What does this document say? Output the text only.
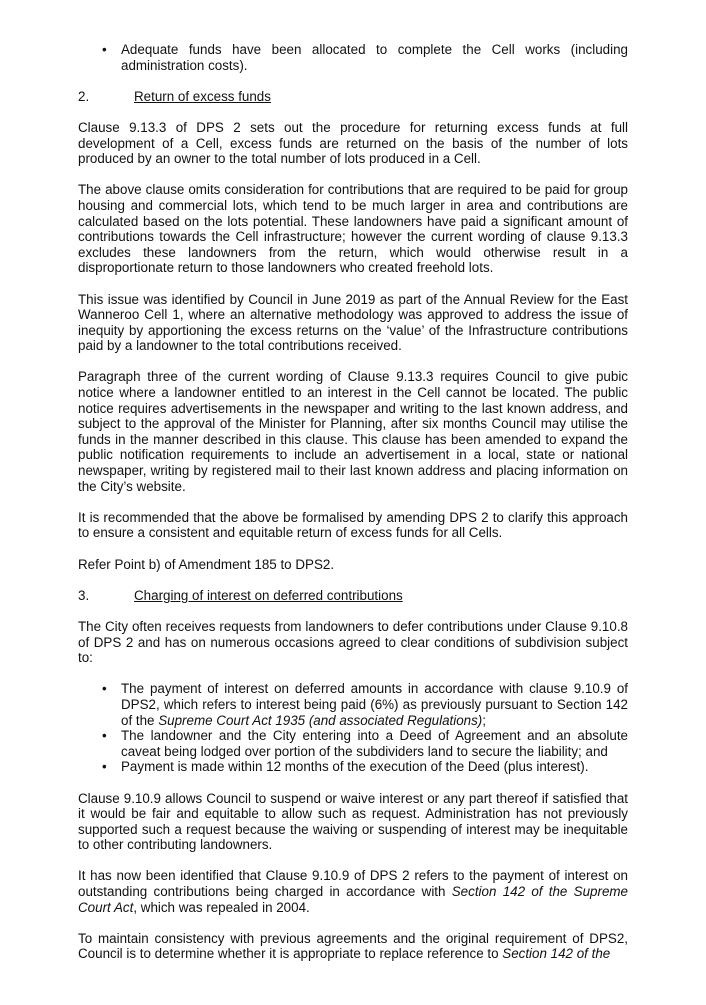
• Adequate funds have been allocated to complete the Cell works (including administration costs).
2.	Return of excess funds

Clause 9.13.3 of DPS 2 sets out the procedure for returning excess funds at full development of a Cell, excess funds are returned on the basis of the number of lots produced by an owner to the total number of lots produced in a Cell.

The above clause omits consideration for contributions that are required to be paid for group housing and commercial lots, which tend to be much larger in area and contributions are calculated based on the lots potential. These landowners have paid a significant amount of contributions towards the Cell infrastructure; however the current wording of clause 9.13.3 excludes these landowners from the return, which would otherwise result in a disproportionate return to those landowners who created freehold lots.

This issue was identified by Council in June 2019 as part of the Annual Review for the East Wanneroo Cell 1, where an alternative methodology was approved to address the issue of inequity by apportioning the excess returns on the ‘value’ of the Infrastructure contributions paid by a landowner to the total contributions received.

Paragraph three of the current wording of Clause 9.13.3 requires Council to give pubic notice where a landowner entitled to an interest in the Cell cannot be located. The public notice requires advertisements in the newspaper and writing to the last known address, and subject to the approval of the Minister for Planning, after six months Council may utilise the funds in the manner described in this clause. This clause has been amended to expand the public notification requirements to include an advertisement in a local, state or national newspaper, writing by registered mail to their last known address and placing information on the City’s website.

It is recommended that the above be formalised by amending DPS 2 to clarify this approach to ensure a consistent and equitable return of excess funds for all Cells.

Refer Point b) of Amendment 185 to DPS2.

3.	Charging of interest on deferred contributions

The City often receives requests from landowners to defer contributions under Clause 9.10.8 of DPS 2 and has on numerous occasions agreed to clear conditions of subdivision subject to:

• The payment of interest on deferred amounts in accordance with clause 9.10.9 of DPS2, which refers to interest being paid (6%) as previously pursuant to Section 142 of the Supreme Court Act 1935 (and associated Regulations);
• The landowner and the City entering into a Deed of Agreement and an absolute caveat being lodged over portion of the subdividers land to secure the liability; and
• Payment is made within 12 months of the execution of the Deed (plus interest).

Clause 9.10.9 allows Council to suspend or waive interest or any part thereof if satisfied that it would be fair and equitable to allow such as request. Administration has not previously supported such a request because the waiving or suspending of interest may be inequitable to other contributing landowners.

It has now been identified that Clause 9.10.9 of DPS 2 refers to the payment of interest on outstanding contributions being charged in accordance with Section 142 of the Supreme Court Act, which was repealed in 2004.

To maintain consistency with previous agreements and the original requirement of DPS2, Council is to determine whether it is appropriate to replace reference to Section 142 of the
